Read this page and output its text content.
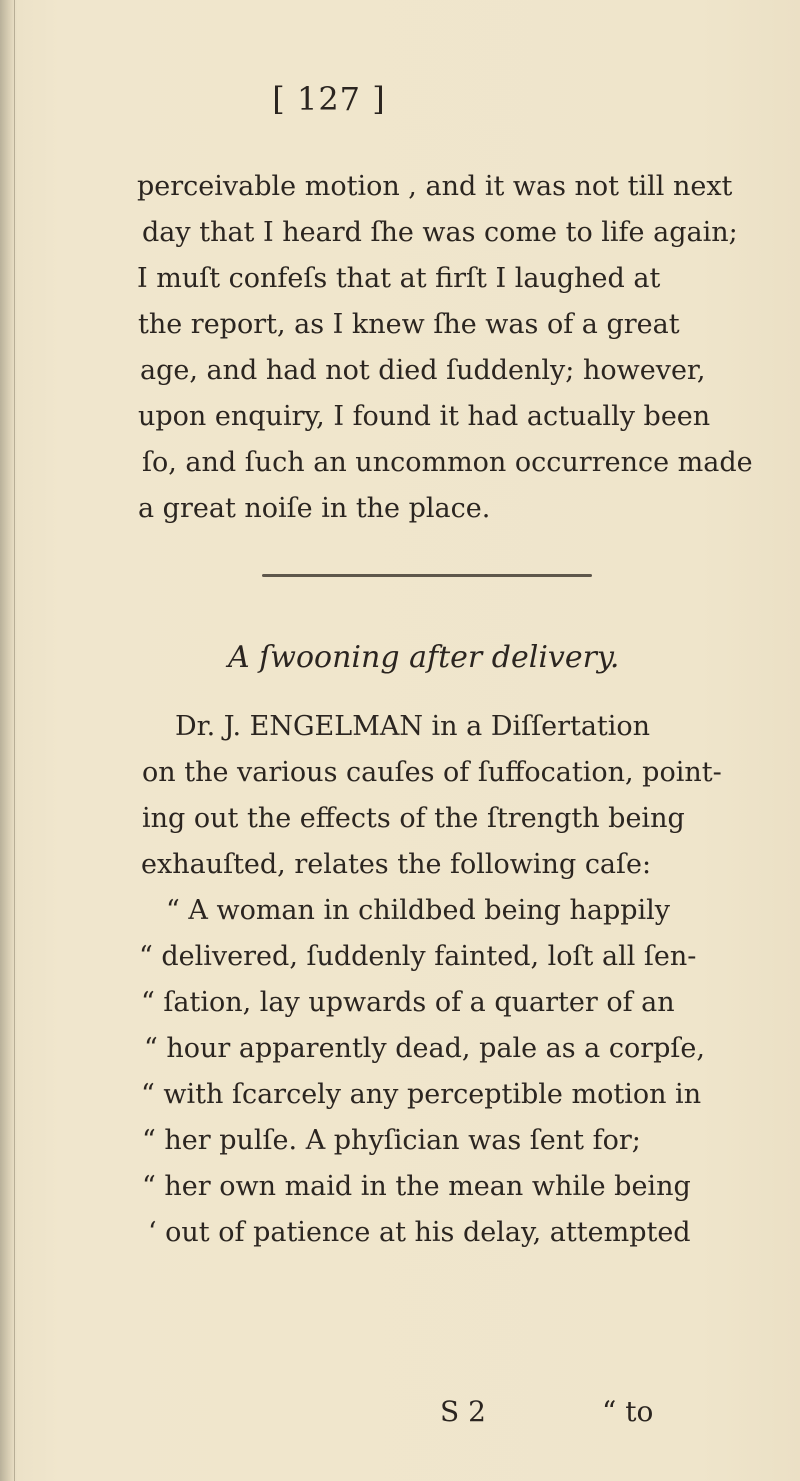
[ 127 ]
perceivable motion , and it was not till next
day that I heard ſhe was come to life again;
I muſt confeſs that at firſt I laughed at
the report, as I knew ſhe was of a great
age, and had not died ſuddenly; however,
upon enquiry, I found it had actually been
ſo, and ſuch an uncommon occurrence made
a great noiſe in the place.
A ſwooning after delivery.
Dr. J. ENGELMAN in a Diſſertation
on the various cauſes of ſuffocation, point-
ing out the effects of the ſtrength being
exhauſted, relates the following caſe:
“ A woman in childbed being happily
“ delivered, ſuddenly fainted, loſt all ſen-
“ ſation, lay upwards of a quarter of an
“ hour apparently dead, pale as a corpſe,
“ with ſcarcely any perceptible motion in
“ her pulſe. A phyſician was ſent for;
“ her own maid in the mean while being
‘ out of patience at his delay, attempted
S 2	“ to
